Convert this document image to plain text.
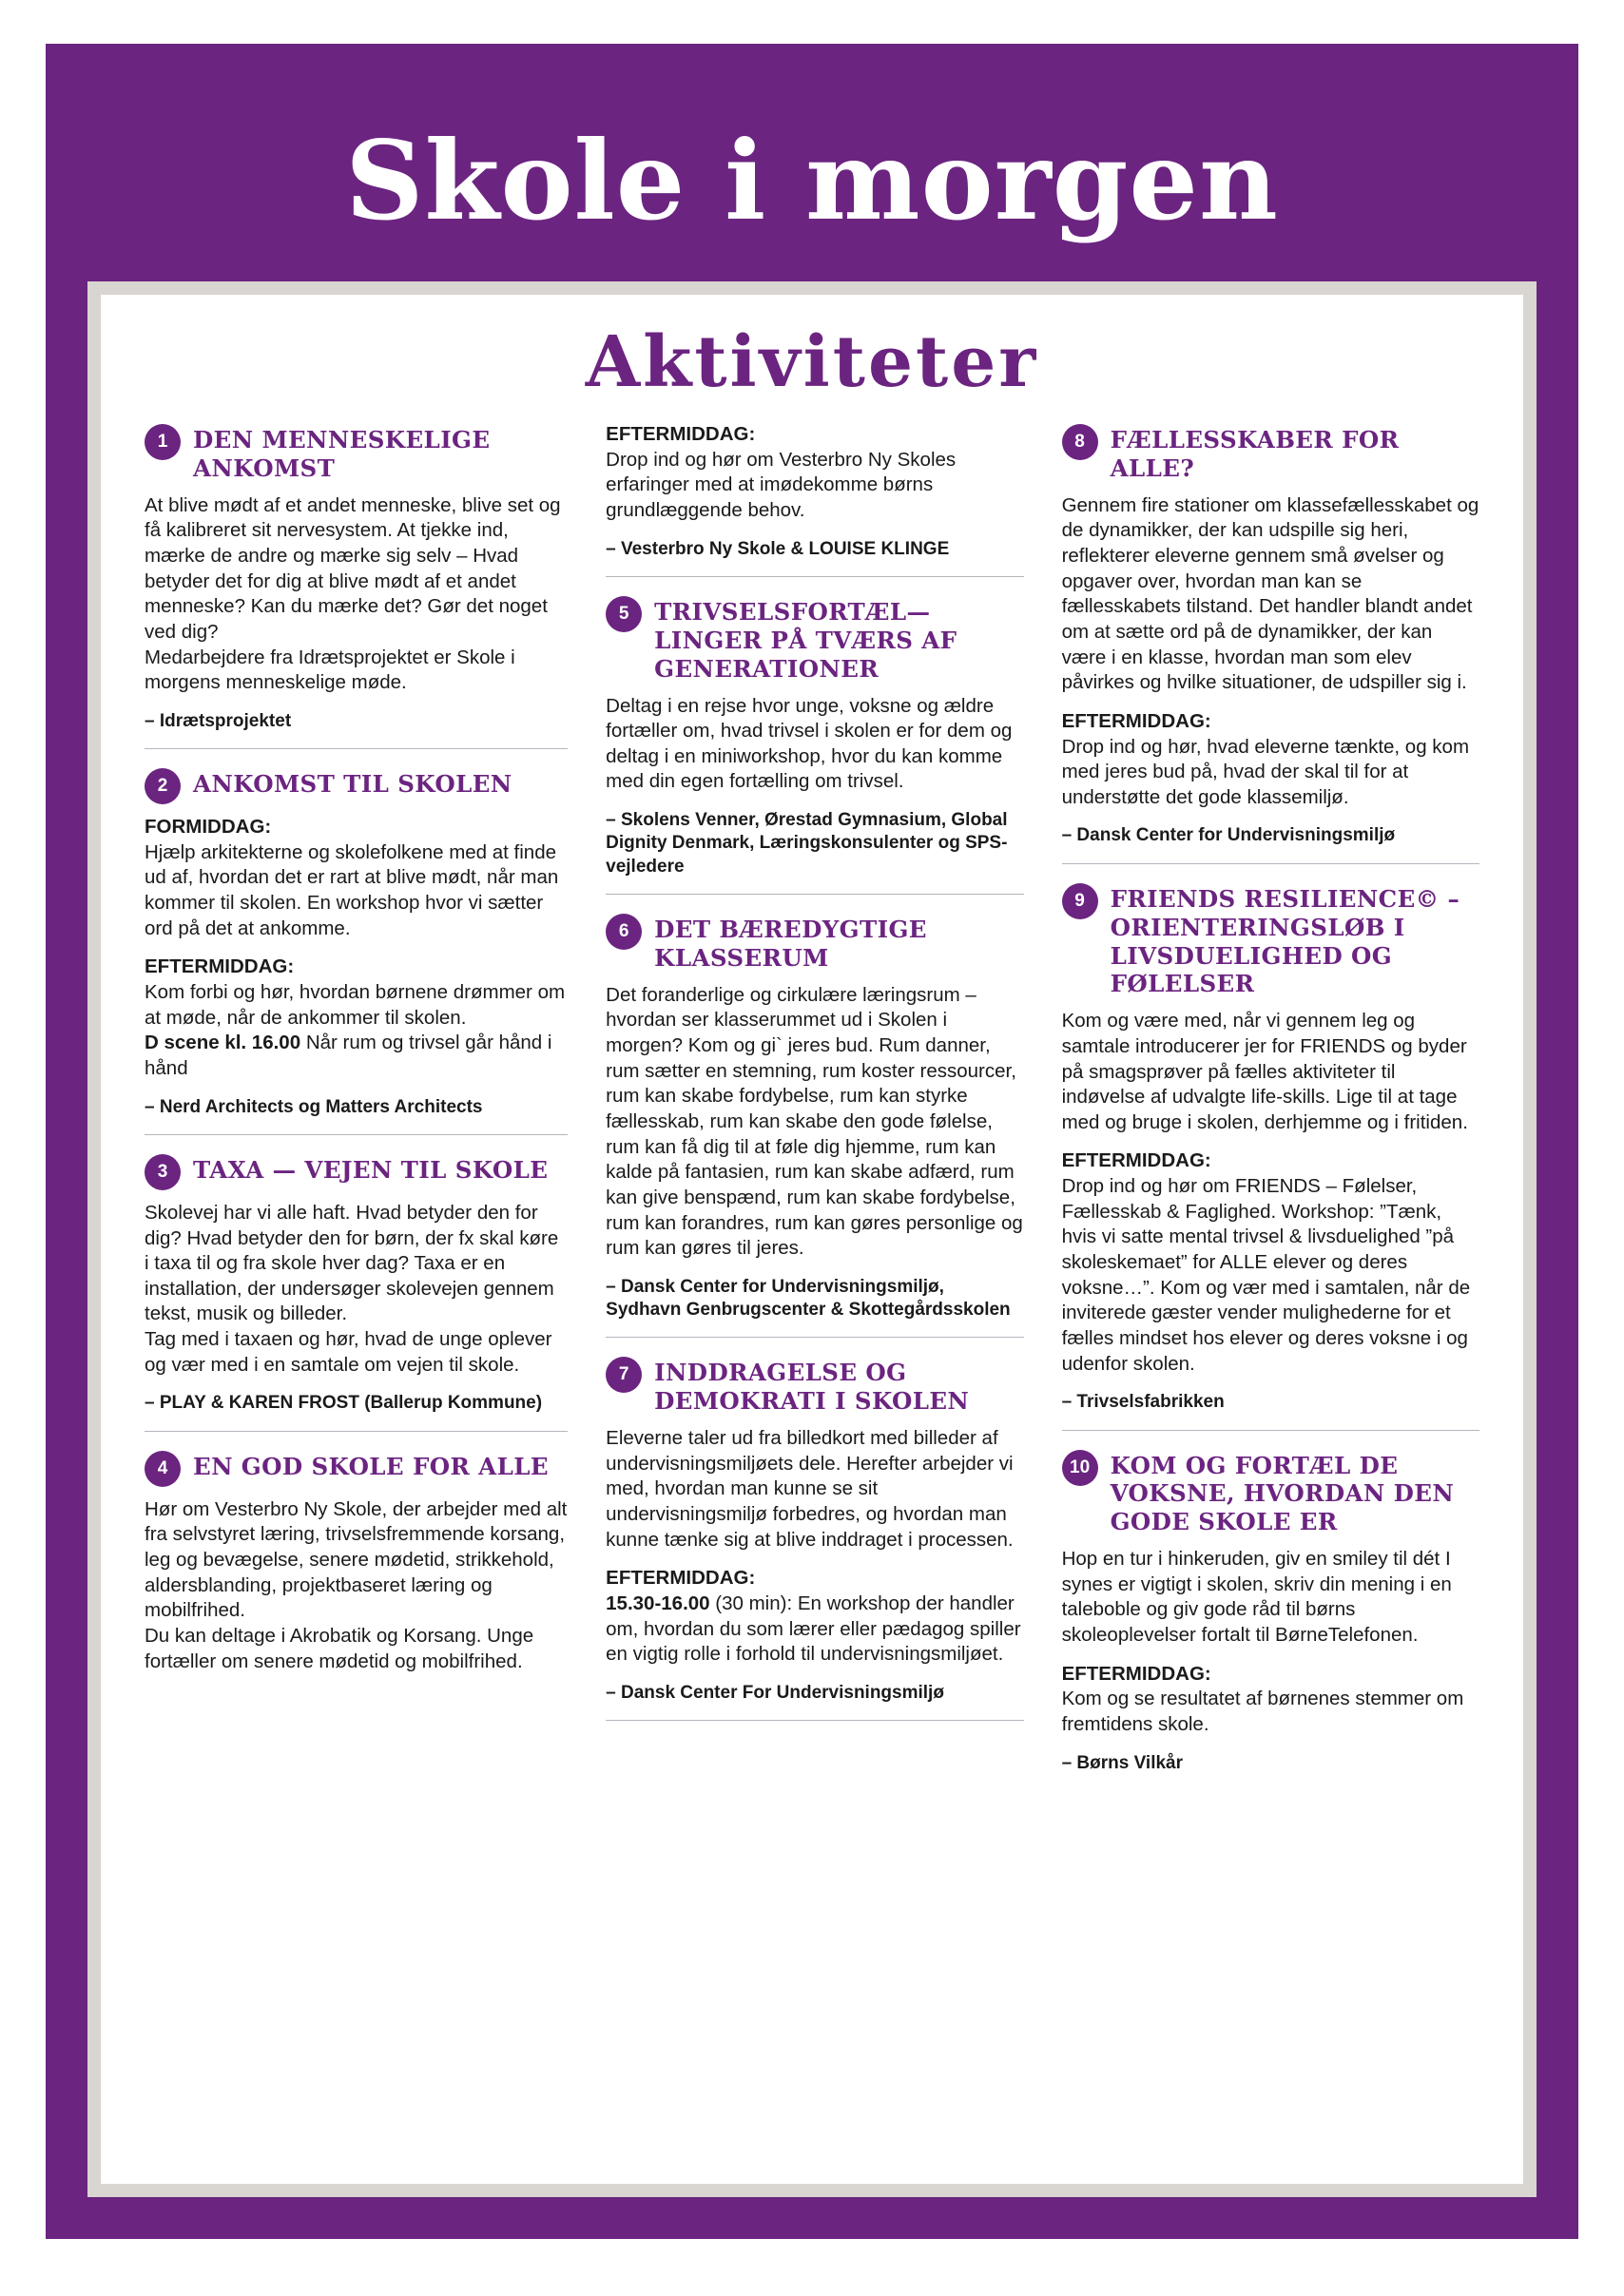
Skole i morgen
Aktiviteter
1	DEN MENNESKELIGE ANKOMST

At blive mødt af et andet menneske, blive set og få kalibreret sit nervesystem. At tjekke ind, mærke de andre og mærke sig selv – Hvad betyder det for dig at blive mødt af et andet menneske? Kan du mærke det? Gør det noget ved dig?

Medarbejdere fra Idrætsprojektet er Skole i morgens menneskelige møde.

– Idrætsprojektet

2	ANKOMST TIL SKOLEN

FORMIDDAG:

Hjælp arkitekterne og skolefolkene med at finde ud af, hvordan det er rart at blive mødt, når man kommer til skolen. En workshop hvor vi sætter ord på det at ankomme.

EFTERMIDDAG:

Kom forbi og hør, hvordan børnene drømmer om at møde, når de ankommer til skolen.

D scene kl. 16.00 Når rum og trivsel går hånd i hånd

– Nerd Architects og Matters Architects

3	TAXA — VEJEN TIL SKOLE

Skolevej har vi alle haft. Hvad betyder den for dig? Hvad betyder den for børn, der fx skal køre i taxa til og fra skole hver dag? Taxa er en installation, der undersøger skolevejen gennem tekst, musik og billeder.

Tag med i taxaen og hør, hvad de unge oplever og vær med i en samtale om vejen til skole.

– PLAY & KAREN FROST (Ballerup Kommune)

4	EN GOD SKOLE FOR ALLE

Hør om Vesterbro Ny Skole, der arbejder med alt fra selvstyret læring, trivselsfremmende korsang, leg og bevægelse, senere mødetid, strikkehold, aldersblanding, projektbaseret læring og mobilfrihed.

Du kan deltage i Akrobatik og Korsang. Unge fortæller om senere mødetid og mobilfrihed.

EFTERMIDDAG:

Drop ind og hør om Vesterbro Ny Skoles erfaringer med at imødekomme børns grundlæggende behov.

– Vesterbro Ny Skole & LOUISE KLINGE

5	TRIVSELSFORTÆL— LINGER PÅ TVÆRS AF GENERATIONER

Deltag i en rejse hvor unge, voksne og ældre fortæller om, hvad trivsel i skolen er for dem og deltag i en miniworkshop, hvor du kan komme med din egen fortælling om trivsel.

– Skolens Venner, Ørestad Gymnasium, Global Dignity Denmark, Læringskonsulenter og SPS-vejledere

6	DET BÆREDYGTIGE KLASSERUM

Det foranderlige og cirkulære læringsrum – hvordan ser klasserummet ud i Skolen i morgen? Kom og gi` jeres bud. Rum danner, rum sætter en stemning, rum koster ressourcer, rum kan skabe fordybelse, rum kan styrke fællesskab, rum kan skabe den gode følelse, rum kan få dig til at føle dig hjemme, rum kan kalde på fantasien, rum kan skabe adfærd, rum kan give benspænd, rum kan skabe fordybelse, rum kan forandres, rum kan gøres personlige og rum kan gøres til jeres.

– Dansk Center for Undervisningsmiljø, Sydhavn Genbrugscenter & Skottegårdsskolen

7	INDDRAGELSE OG DEMOKRATI I SKOLEN

Eleverne taler ud fra billedkort med billeder af undervisningsmiljøets dele. Herefter arbejder vi med, hvordan man kunne se sit undervisningsmiljø forbedres, og hvordan man kunne tænke sig at blive inddraget i processen.

EFTERMIDDAG:

15.30-16.00 (30 min): En workshop der handler om, hvordan du som lærer eller pædagog spiller en vigtig rolle i forhold til undervisningsmiljøet.

– Dansk Center For Undervisningsmiljø

8	FÆLLESSKABER FOR ALLE?

Gennem fire stationer om klassefællesskabet og de dynamikker, der kan udspille sig heri, reflekterer eleverne gennem små øvelser og opgaver over, hvordan man kan se fællesskabets tilstand. Det handler blandt andet om at sætte ord på de dynamikker, der kan være i en klasse, hvordan man som elev påvirkes og hvilke situationer, de udspiller sig i.

EFTERMIDDAG:

Drop ind og hør, hvad eleverne tænkte, og kom med jeres bud på, hvad der skal til for at understøtte det gode klassemiljø.

– Dansk Center for Undervisningsmiljø

9	FRIENDS RESILIENCE© – ORIENTERINGSLØB I LIVSDUELIGHED OG FØLELSER

Kom og være med, når vi gennem leg og samtale introducerer jer for FRIENDS og byder på smagsprøver på fælles aktiviteter til indøvelse af udvalgte life-skills. Lige til at tage med og bruge i skolen, derhjemme og i fritiden.

EFTERMIDDAG:

Drop ind og hør om FRIENDS – Følelser, Fællesskab & Faglighed. Workshop: ”Tænk, hvis vi satte mental trivsel & livsduelighed ”på skoleskemaet” for ALLE elever og deres voksne…”. Kom og vær med i samtalen, når de inviterede gæster vender mulighederne for et fælles mindset hos elever og deres voksne i og udenfor skolen.

– Trivselsfabrikken

10 KOM OG FORTÆL DE VOKSNE, HVORDAN DEN GODE SKOLE ER

Hop en tur i hinkeruden, giv en smiley til dét I synes er vigtigt i skolen, skriv din mening i en taleboble og giv gode råd til børns skoleoplevelser fortalt til BørneTelefonen.

EFTERMIDDAG:

Kom og se resultatet af børnenes stemmer om fremtidens skole.

– Børns Vilkår
